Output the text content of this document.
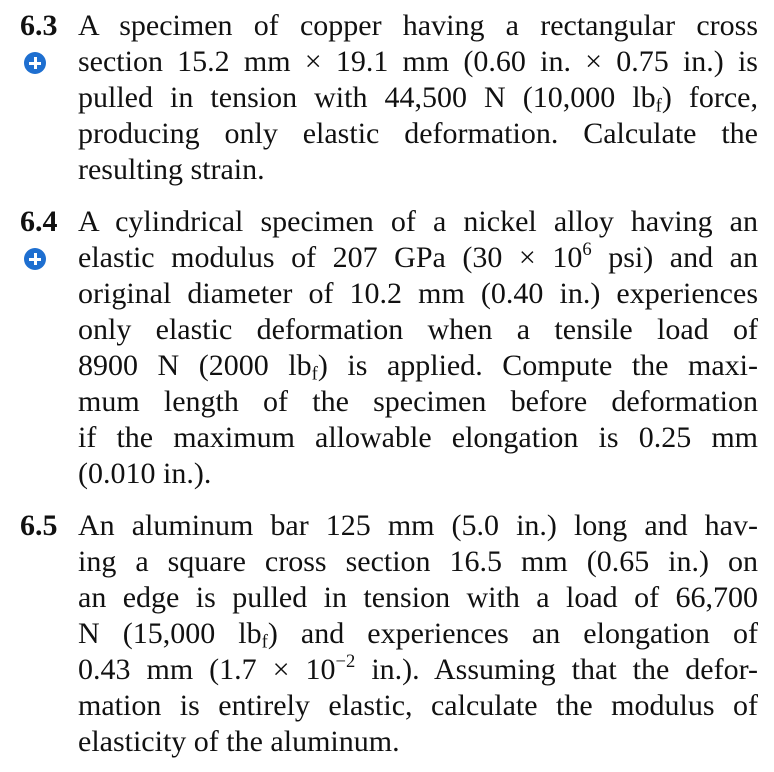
6.3 A specimen of copper having a rectangular cross
section 15.2 mm × 19.1 mm (0.60 in. × 0.75 in.) is
pulled in tension with 44,500 N (10,000 $lb_f$) force,
producing only elastic deformation. Calculate the
resulting strain.
6.4 A cylindrical specimen of a nickel alloy having an
elastic modulus of 207 GPa ($30 \times 10^6$ psi) and an
original diameter of 10.2 mm (0.40 in.) experiences
only elastic deformation when a tensile load of
8900 N (2000 $lb_f$) is applied. Compute the maxi-
mum length of the specimen before deformation
if the maximum allowable elongation is 0.25 mm
(0.010 in.).
6.5 An aluminum bar 125 mm (5.0 in.) long and hav-
ing a square cross section 16.5 mm (0.65 in.) on
an edge is pulled in tension with a load of 66,700
N (15,000 $lb_f$) and experiences an elongation of
0.43 mm ($1.7 \times 10^{-2}$ in.). Assuming that the defor-
mation is entirely elastic, calculate the modulus of
elasticity of the aluminum.
